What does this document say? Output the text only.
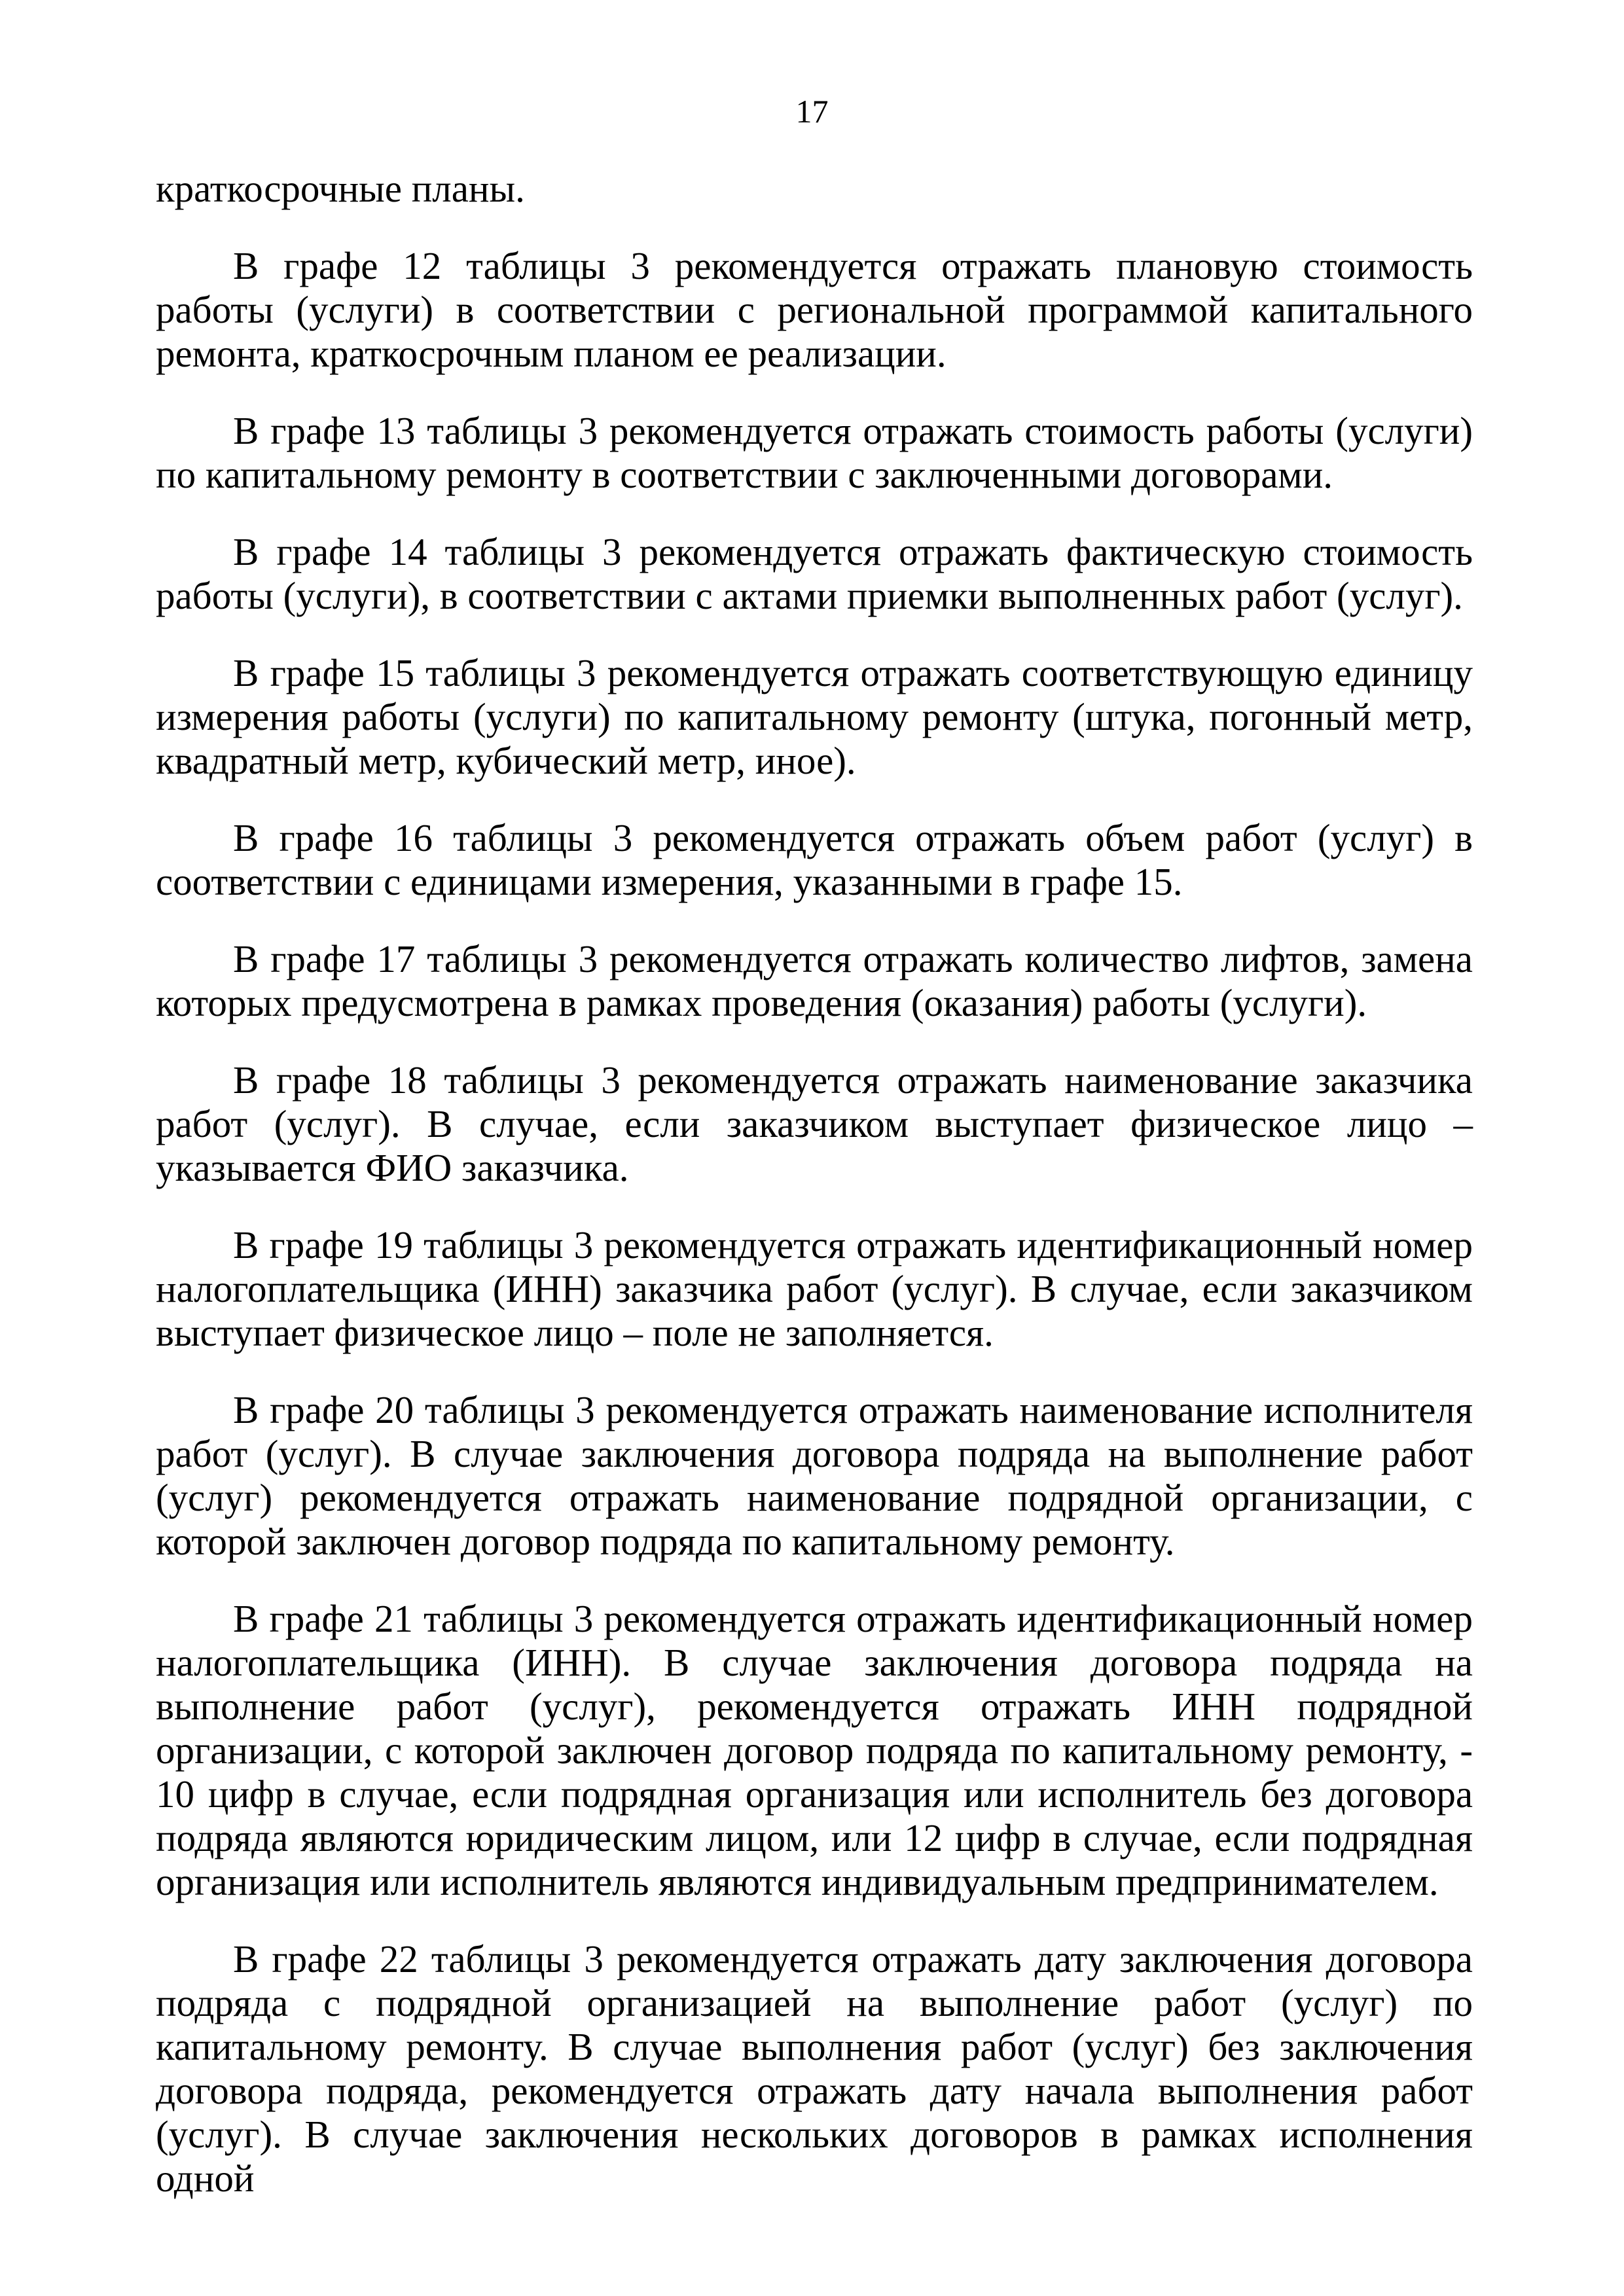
17

краткосрочные планы.

В графе 12 таблицы 3 рекомендуется отражать плановую стоимость работы (услуги) в соответствии с региональной программой капитального ремонта, краткосрочным планом ее реализации.

В графе 13 таблицы 3 рекомендуется отражать стоимость работы (услуги) по капитальному ремонту в соответствии с заключенными договорами.

В графе 14 таблицы 3 рекомендуется отражать фактическую стоимость работы (услуги), в соответствии с актами приемки выполненных работ (услуг).

В графе 15 таблицы 3 рекомендуется отражать соответствующую единицу измерения работы (услуги) по капитальному ремонту (штука, погонный метр, квадратный метр, кубический метр, иное).

В графе 16 таблицы 3 рекомендуется отражать объем работ (услуг) в соответствии с единицами измерения, указанными в графе 15.

В графе 17 таблицы 3 рекомендуется отражать количество лифтов, замена которых предусмотрена в рамках проведения (оказания) работы (услуги).

В графе 18 таблицы 3 рекомендуется отражать наименование заказчика работ (услуг). В случае, если заказчиком выступает физическое лицо – указывается ФИО заказчика.

В графе 19 таблицы 3 рекомендуется отражать идентификационный номер налогоплательщика (ИНН) заказчика работ (услуг). В случае, если заказчиком выступает физическое лицо – поле не заполняется.

В графе 20 таблицы 3 рекомендуется отражать наименование исполнителя работ (услуг). В случае заключения договора подряда на выполнение работ (услуг) рекомендуется отражать наименование подрядной организации, с которой заключен договор подряда по капитальному ремонту.

В графе 21 таблицы 3 рекомендуется отражать идентификационный номер налогоплательщика (ИНН). В случае заключения договора подряда на выполнение работ (услуг), рекомендуется отражать ИНН подрядной организации, с которой заключен договор подряда по капитальному ремонту, - 10 цифр в случае, если подрядная организация или исполнитель без договора подряда являются юридическим лицом, или 12 цифр в случае, если подрядная организация или исполнитель являются индивидуальным предпринимателем.

В графе 22 таблицы 3 рекомендуется отражать дату заключения договора подряда с подрядной организацией на выполнение работ (услуг) по капитальному ремонту. В случае выполнения работ (услуг) без заключения договора подряда, рекомендуется отражать дату начала выполнения работ (услуг). В случае заключения нескольких договоров в рамках исполнения одной
